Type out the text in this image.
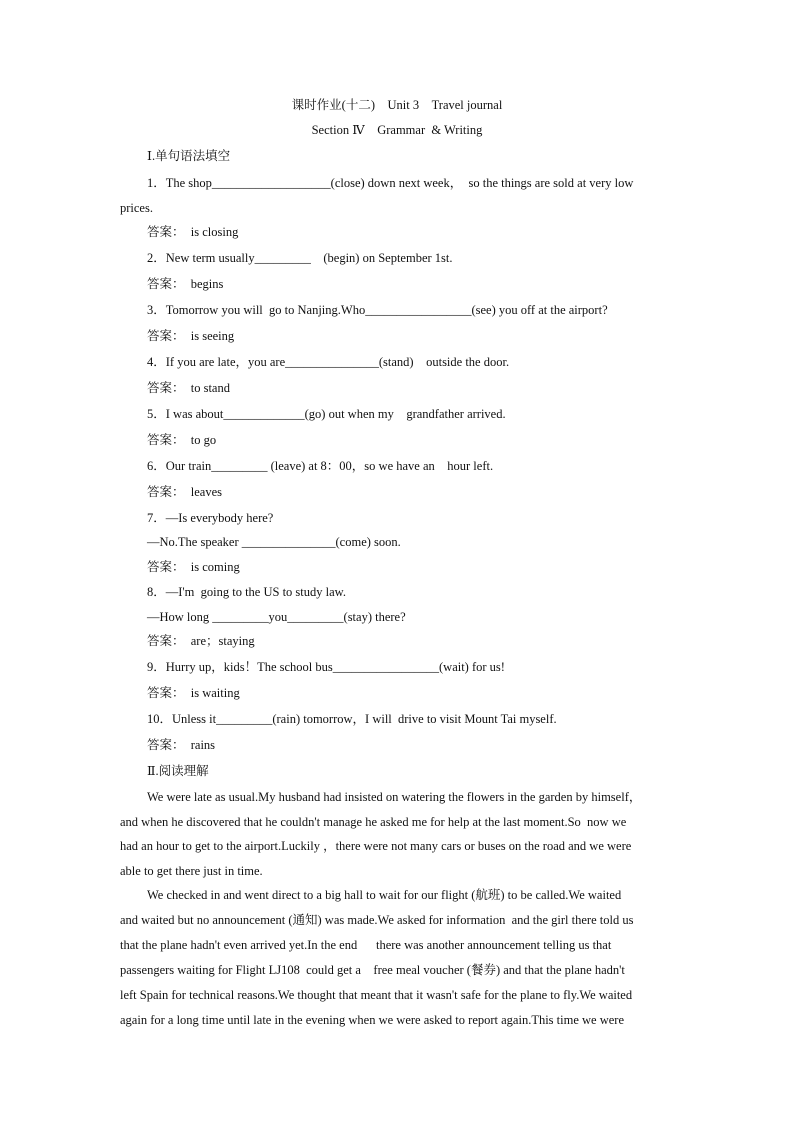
课时作业(十二)　Unit 3　Travel journal
Section Ⅳ　Grammar  & Writing
Ⅰ.单句语法填空
1．The shop___________________(close) down next week，  so the things are sold at very low
prices.
答案：　is closing
2．New term usually_________　(begin) on September 1st.
答案：　begins
3．Tomorrow you will  go to Nanjing.Who_________________(see) you off at the airport?
答案：　is seeing
4．If you are late，you are_______________(stand)　outside the door.
答案：　to stand
5．I was about_____________(go) out when my　grandfather arrived.
答案：　to go
6．Our train_________ (leave) at 8：00，so we have an　hour left.
答案：　leaves
7．—Is everybody here?
—No.The speaker _______________(come) soon.
答案：　is coming
8．—I'm  going to the US to study law.
—How long _________you_________(stay) there?
答案：　are；staying
9．Hurry up，kids！The school bus_________________(wait) for us!
答案：　is waiting
10．Unless it_________(rain) tomorrow，I will  drive to visit Mount Tai myself.
答案：　rains
Ⅱ.阅读理解
We were late as usual.My husband had insisted on watering the flowers in the garden by himself，
and when he discovered that he couldn't manage he asked me for help at the last moment.So  now we
had an hour to get to the airport.Luckily ，there were not many cars or buses on the road and we were
able to get there just in time.
We checked in and went direct to a big hall to wait for our flight (航班) to be called.We waited
and waited but no announcement (通知) was made.We asked for information  and the girl there told us
that the plane hadn't even arrived yet.In the end　  there was another announcement telling us that
passengers waiting for Flight LJ108  could get a　free meal voucher (餐券) and that the plane hadn't
left Spain for technical reasons.We thought that meant that it wasn't safe for the plane to fly.We waited
again for a long time until late in the evening when we were asked to report again.This time we were
